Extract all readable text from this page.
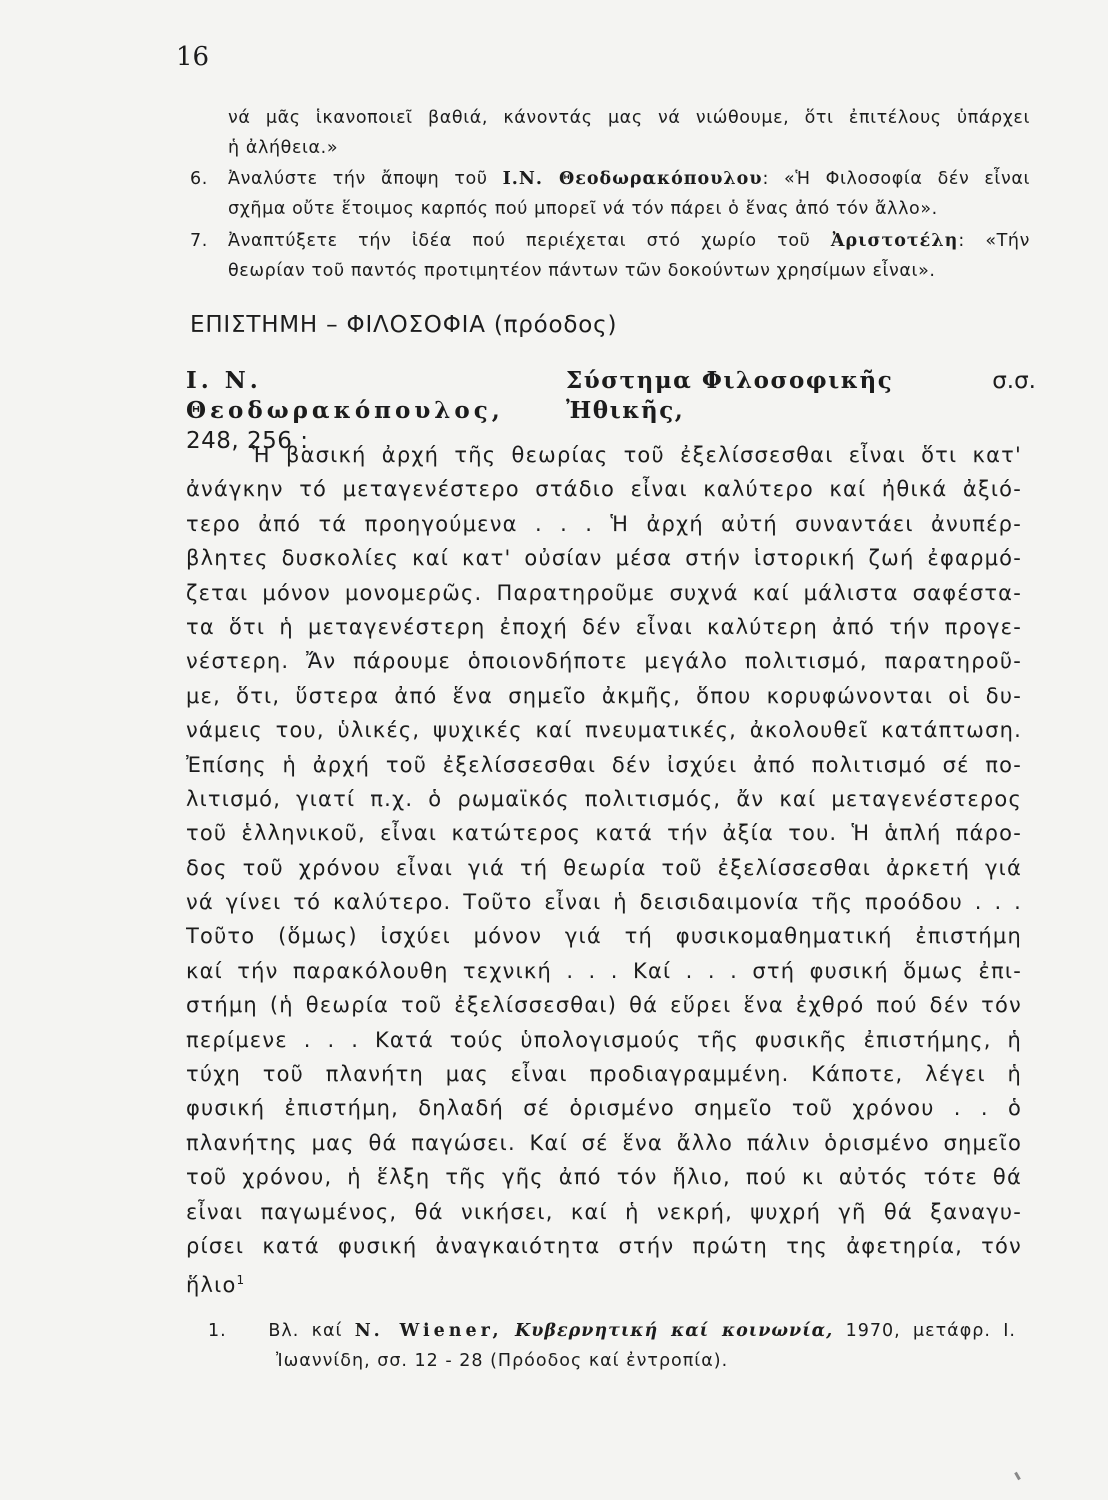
16
νά μᾶς ἱκανοποιεῖ βαθιά, κάνοντάς μας νά νιώθουμε, ὅτι ἐπιτέλους ὑπάρχει
ἡ ἀλήθεια.»
6. Ἀναλύστε τήν ἄποψη τοῦ Ι.Ν. Θεοδωρακόπουλου: «Ἡ Φιλοσοφία δέν εἶναι
σχῆμα οὔτε ἕτοιμος καρπός πού μπορεῖ νά τόν πάρει ὁ ἕνας ἀπό τόν ἄλλο».
7. Ἀναπτύξετε τήν ἰδέα πού περιέχεται στό χωρίο τοῦ Ἀριστοτέλη: «Τήν
θεωρίαν τοῦ παντός προτιμητέον πάντων τῶν δοκούντων χρησίμων εἶναι».
ΕΠΙΣΤΗΜΗ – ΦΙΛΟΣΟΦΙΑ (πρόοδος)
Ι. Ν. Θεοδωρακόπουλος,
Σύστημα Φιλοσοφικῆς Ἠθικῆς,
σ.σ.
248, 256 :
Ἡ βασική ἀρχή τῆς θεωρίας τοῦ ἐξελίσσεσθαι εἶναι ὅτι κατ'
ἀνάγκην τό μεταγενέστερο στάδιο εἶναι καλύτερο καί ἠθικά ἀξιό-
τερο ἀπό τά προηγούμενα . . . Ἡ ἀρχή αὐτή συναντάει ἀνυπέρ-
βλητες δυσκολίες καί κατ' οὐσίαν μέσα στήν ἱστορική ζωή ἐφαρμό-
ζεται μόνον μονομερῶς. Παρατηροῦμε συχνά καί μάλιστα σαφέστα-
τα ὅτι ἡ μεταγενέστερη ἐποχή δέν εἶναι καλύτερη ἀπό τήν προγε-
νέστερη. Ἄν πάρουμε ὁποιονδήποτε μεγάλο πολιτισμό, παρατηροῦ-
με, ὅτι, ὕστερα ἀπό ἕνα σημεῖο ἀκμῆς, ὅπου κορυφώνονται οἱ δυ-
νάμεις του, ὑλικές, ψυχικές καί πνευματικές, ἀκολουθεῖ κατάπτωση.
Ἐπίσης ἡ ἀρχή τοῦ ἐξελίσσεσθαι δέν ἰσχύει ἀπό πολιτισμό σέ πο-
λιτισμό, γιατί π.χ. ὁ ρωμαϊκός πολιτισμός, ἄν καί μεταγενέστερος
τοῦ ἑλληνικοῦ, εἶναι κατώτερος κατά τήν ἀξία του. Ἡ ἁπλή πάρο-
δος τοῦ χρόνου εἶναι γιά τή θεωρία τοῦ ἐξελίσσεσθαι ἀρκετή γιά
νά γίνει τό καλύτερο. Τοῦτο εἶναι ἡ δεισιδαιμονία τῆς προόδου . . .
Τοῦτο (ὅμως) ἰσχύει μόνον γιά τή φυσικομαθηματική ἐπιστήμη
καί τήν παρακόλουθη τεχνική . . . Καί . . . στή φυσική ὅμως ἐπι-
στήμη (ἡ θεωρία τοῦ ἐξελίσσεσθαι) θά εὕρει ἕνα ἐχθρό πού δέν τόν
περίμενε . . . Κατά τούς ὑπολογισμούς τῆς φυσικῆς ἐπιστήμης, ἡ
τύχη τοῦ πλανήτη μας εἶναι προδιαγραμμένη. Κάποτε, λέγει ἡ
φυσική ἐπιστήμη, δηλαδή σέ ὁρισμένο σημεῖο τοῦ χρόνου . . ὁ
πλανήτης μας θά παγώσει. Καί σέ ἕνα ἄλλο πάλιν ὁρισμένο σημεῖο
τοῦ χρόνου, ἡ ἕλξη τῆς γῆς ἀπό τόν ἥλιο, πού κι αὐτός τότε θά
εἶναι παγωμένος, θά νικήσει, καί ἡ νεκρή, ψυχρή γῆ θά ξαναγυ-
ρίσει κατά φυσική ἀναγκαιότητα στήν πρώτη της ἀφετηρία, τόν
ἥλιο$^1$
1. Βλ. καί N. Wiener, Κυβερνητική καί κοινωνία, 1970, μετάφρ. Ι.
Ἰωαννίδη, σσ. 12 - 28 (Πρόοδος καί ἐντροπία).
